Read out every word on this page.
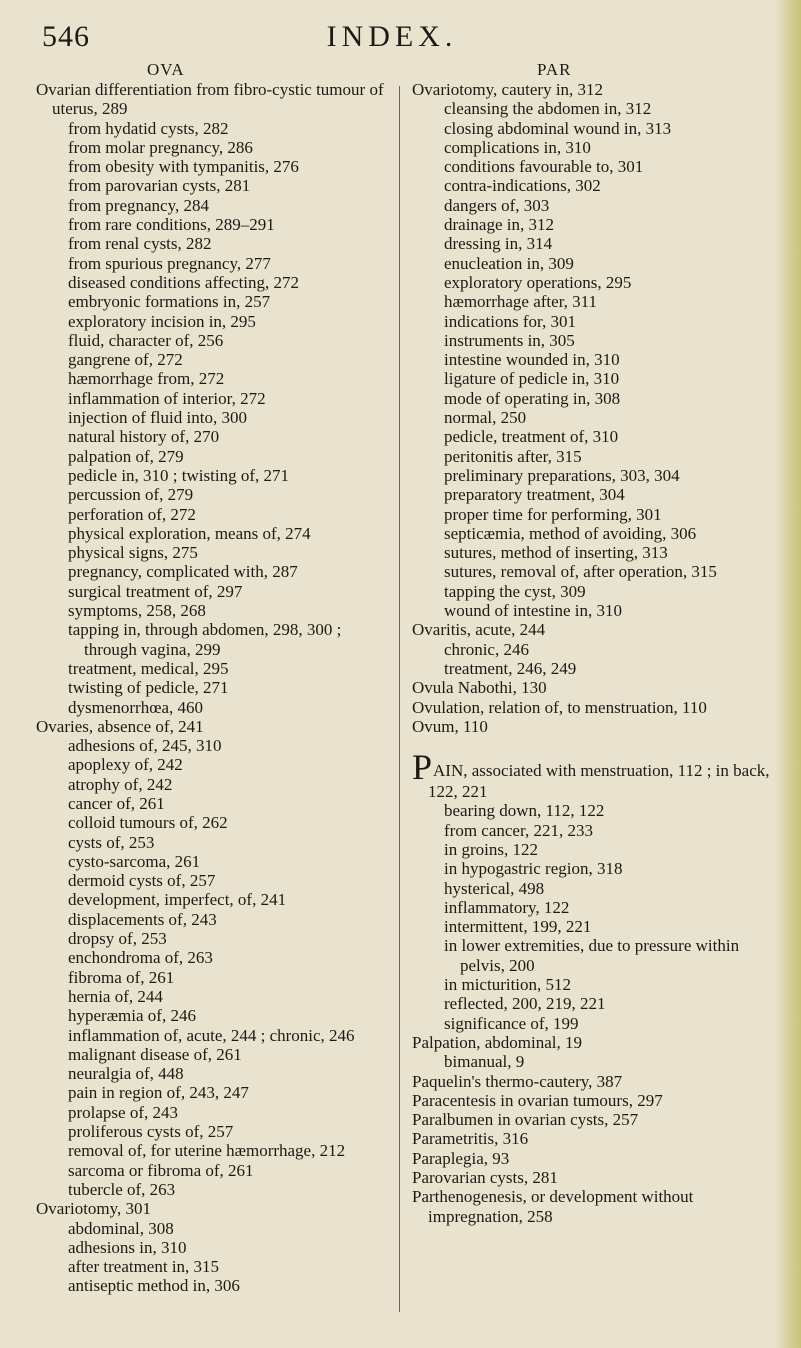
546	INDEX.
OVA	PAR

Ovarian differentiation from fibro-cystic tumour of uterus, 289

from hydatid cysts, 282

from molar pregnancy, 286

from obesity with tympanitis, 276

from parovarian cysts, 281

from pregnancy, 284

from rare conditions, 289–291

from renal cysts, 282

from spurious pregnancy, 277

diseased conditions affecting, 272

embryonic formations in, 257

exploratory incision in, 295

fluid, character of, 256

gangrene of, 272

hæmorrhage from, 272

inflammation of interior, 272

injection of fluid into, 300

natural history of, 270

palpation of, 279

pedicle in, 310 ; twisting of, 271

percussion of, 279

perforation of, 272

physical exploration, means of, 274

physical signs, 275

pregnancy, complicated with, 287

surgical treatment of, 297

symptoms, 258, 268

tapping in, through abdomen, 298, 300 ; through vagina, 299

treatment, medical, 295

twisting of pedicle, 271

dysmenorrhœa, 460

Ovaries, absence of, 241

adhesions of, 245, 310

apoplexy of, 242

atrophy of, 242

cancer of, 261

colloid tumours of, 262

cysts of, 253

cysto-sarcoma, 261

dermoid cysts of, 257

development, imperfect, of, 241

displacements of, 243

dropsy of, 253

enchondroma of, 263

fibroma of, 261

hernia of, 244

hyperæmia of, 246

inflammation of, acute, 244 ; chronic, 246

malignant disease of, 261

neuralgia of, 448

pain in region of, 243, 247

prolapse of, 243

proliferous cysts of, 257

removal of, for uterine hæmorrhage, 212

sarcoma or fibroma of, 261

tubercle of, 263

Ovariotomy, 301

abdominal, 308

adhesions in, 310

after treatment in, 315

antiseptic method in, 306

Ovariotomy, cautery in, 312

cleansing the abdomen in, 312

closing abdominal wound in, 313

complications in, 310

conditions favourable to, 301

contra-indications, 302

dangers of, 303

drainage in, 312

dressing in, 314

enucleation in, 309

exploratory operations, 295

hæmorrhage after, 311

indications for, 301

instruments in, 305

intestine wounded in, 310

ligature of pedicle in, 310

mode of operating in, 308

normal, 250

pedicle, treatment of, 310

peritonitis after, 315

preliminary preparations, 303, 304

preparatory treatment, 304

proper time for performing, 301

septicæmia, method of avoiding, 306

sutures, method of inserting, 313

sutures, removal of, after operation, 315

tapping the cyst, 309

wound of intestine in, 310

Ovaritis, acute, 244

chronic, 246

treatment, 246, 249

Ovula Nabothi, 130

Ovulation, relation of, to menstruation, 110

Ovum, 110

PAIN, associated with menstruation, 112 ; in back, 122, 221

bearing down, 112, 122

from cancer, 221, 233

in groins, 122

in hypogastric region, 318

hysterical, 498

inflammatory, 122

intermittent, 199, 221

in lower extremities, due to pressure within pelvis, 200

in micturition, 512

reflected, 200, 219, 221

significance of, 199

Palpation, abdominal, 19

bimanual, 9

Paquelin's thermo-cautery, 387

Paracentesis in ovarian tumours, 297

Paralbumen in ovarian cysts, 257

Parametritis, 316

Paraplegia, 93

Parovarian cysts, 281

Parthenogenesis, or development without impregnation, 258
